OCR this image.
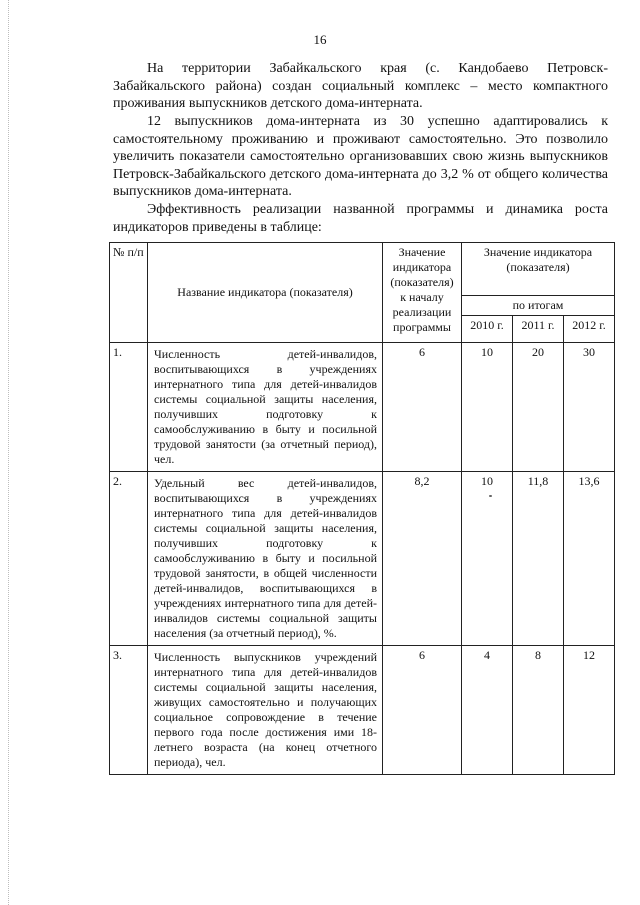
16

На территории Забайкальского края (с. Кандобаево Петровск-Забайкальского района) создан социальный комплекс – место компактного проживания выпускников детского дома-интерната.

12 выпускников дома-интерната из 30 успешно адаптировались к самостоятельному проживанию и проживают самостоятельно. Это позволило увеличить показатели самостоятельно организовавших свою жизнь выпускников Петровск-Забайкальского детского дома-интерната до 3,2 % от общего количества выпускников дома-интерната.

Эффективность реализации названной программы и динамика роста индикаторов приведены в таблице:

№ п/п	Название индикатора (показателя)	Значение индикатора (показателя) к началу реализации программы	Значение индикатора (показателя)		
			по итогам		
			2010 г.	2011 г.	2012 г.
1.	Численность детей-инвалидов, воспитывающихся в учреждениях интернатного типа для детей-инвалидов системы социальной защиты населения, получивших подготовку к самообслуживанию в быту и посильной трудовой занятости (за отчетный период), чел.	6	10	20	30
2.	Удельный вес детей-инвалидов, воспитывающихся в учреждениях интернатного типа для детей-инвалидов системы социальной защиты населения, получивших подготовку к самообслуживанию в быту и посильной трудовой занятости, в общей численности детей-инвалидов, воспитывающихся в учреждениях интернатного типа для детей-инвалидов системы социальной защиты населения (за отчетный период), %.	8,2	10	11,8	13,6
3.	Численность выпускников учреждений интернатного типа для детей-инвалидов системы социальной защиты населения, живущих самостоятельно и получающих социальное сопровождение в течение первого года после достижения ими 18-летнего возраста (на конец отчетного периода), чел.	6	4	8	12
